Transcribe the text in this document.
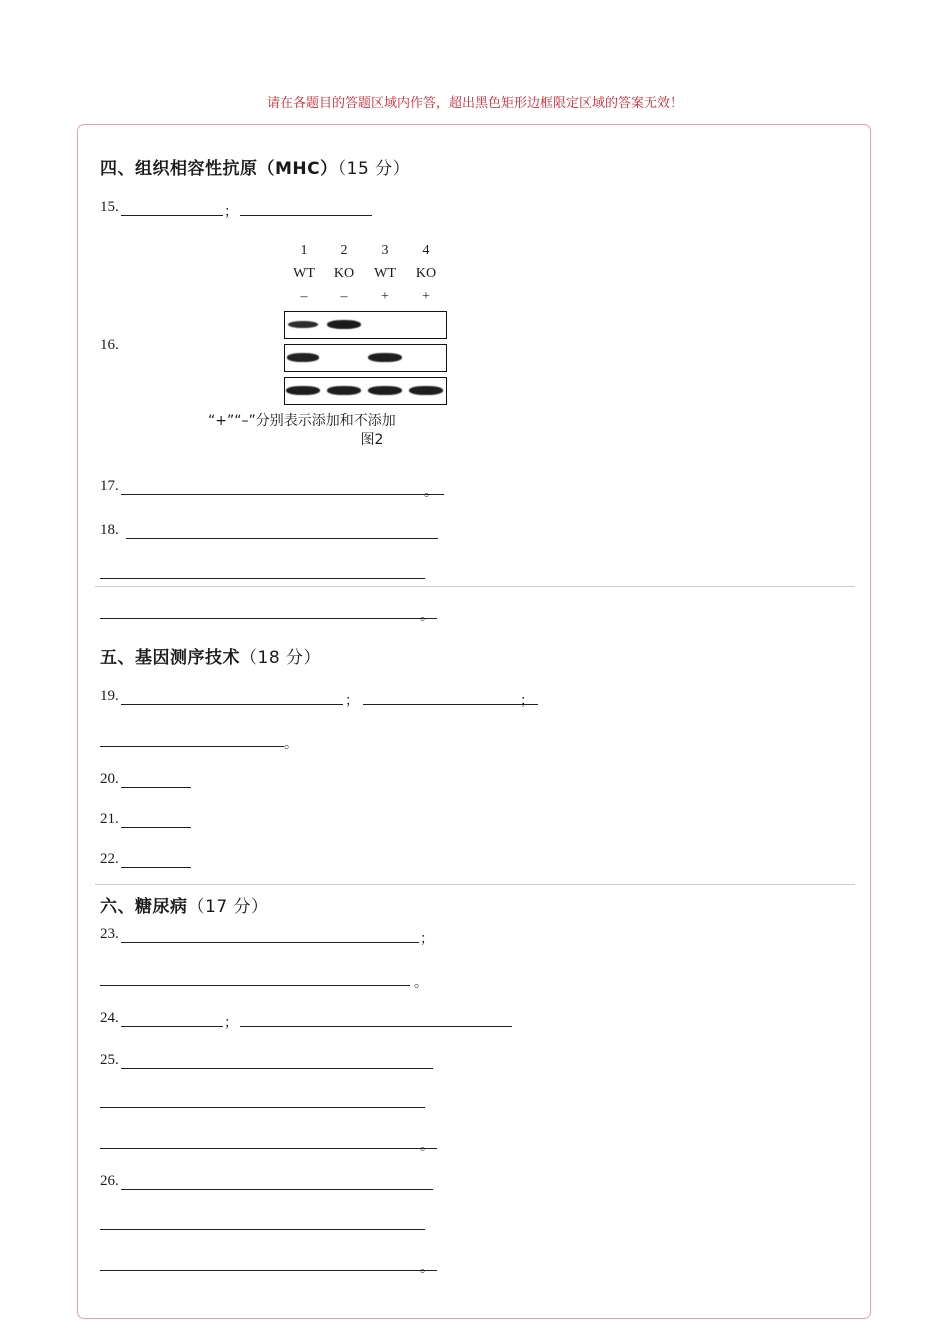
请在各题目的答题区域内作答，超出黑色矩形边框限定区域的答案无效！
四、组织相容性抗原（MHC）（15 分）
15.	；
16.
1	2	3	4
WT	KO	WT	KO
–	–	+	+
“+”“–”分别表示添加和不添加
图2
17.	。
18.
。
五、基因测序技术（18 分）
19.	；	；
。
20.
21.
22.
六、糖尿病（17 分）
23.	；
。
24.	；
25.
。
26.
。
